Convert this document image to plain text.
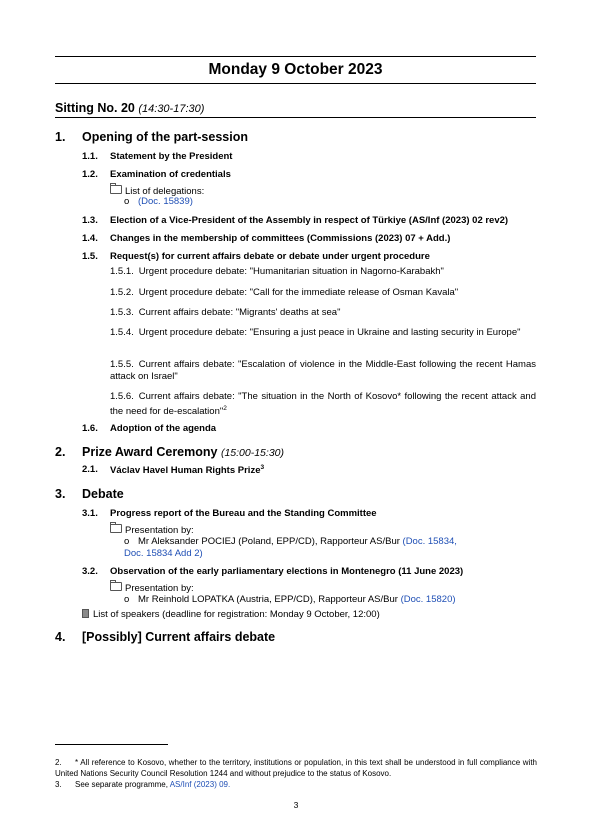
Monday 9 October 2023
Sitting No. 20 (14:30-17:30)
1. Opening of the part-session
1.1. Statement by the President
1.2. Examination of credentials
List of delegations:
o (Doc. 15839)
1.3. Election of a Vice-President of the Assembly in respect of Türkiye (AS/Inf (2023) 02 rev2)
1.4. Changes in the membership of committees (Commissions (2023) 07 + Add.)
1.5. Request(s) for current affairs debate or debate under urgent procedure
1.5.1. Urgent procedure debate: "Humanitarian situation in Nagorno-Karabakh"
1.5.2. Urgent procedure debate: "Call for the immediate release of Osman Kavala"
1.5.3. Current affairs debate: "Migrants' deaths at sea"
1.5.4. Urgent procedure debate: "Ensuring a just peace in Ukraine and lasting security in Europe"
1.5.5. Current affairs debate: "Escalation of violence in the Middle-East following the recent Hamas attack on Israel"
1.5.6. Current affairs debate: "The situation in the North of Kosovo* following the recent attack and the need for de-escalation"$^2$
1.6. Adoption of the agenda
2. Prize Award Ceremony (15:00-15:30)
2.1. Václav Havel Human Rights Prize$^3$
3. Debate
3.1. Progress report of the Bureau and the Standing Committee
Presentation by:
o Mr Aleksander POCIEJ (Poland, EPP/CD), Rapporteur AS/Bur (Doc. 15834,
Doc. 15834 Add 2)
3.2. Observation of the early parliamentary elections in Montenegro (11 June 2023)
Presentation by:
o Mr Reinhold LOPATKA (Austria, EPP/CD), Rapporteur AS/Bur (Doc. 15820)
List of speakers (deadline for registration: Monday 9 October, 12:00)
4. [Possibly] Current affairs debate
2. * All reference to Kosovo, whether to the territory, institutions or population, in this text shall be understood in full compliance with United Nations Security Council Resolution 1244 and without prejudice to the status of Kosovo.
3. See separate programme, AS/Inf (2023) 09.
3
